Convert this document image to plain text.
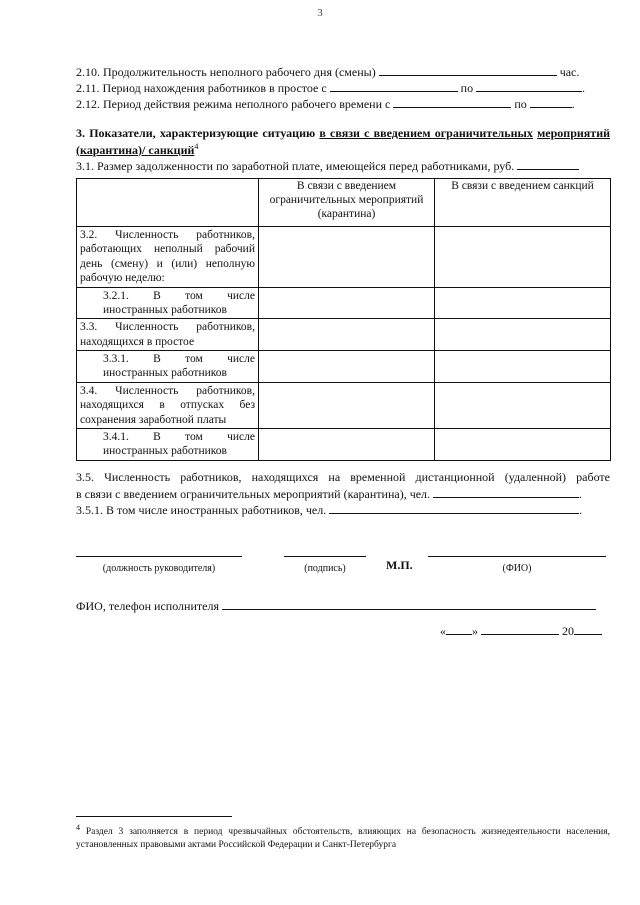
3
2.10. Продолжительность неполного рабочего дня (смены)	час.
2.11. Период нахождения работников в простое с	по	.
2.12. Период действия режима неполного рабочего времени с	по	.
3. Показатели, характеризующие ситуацию в связи с введением ограничительных мероприятий (карантина)/ санкций$^4$
3.1. Размер задолженности по заработной плате, имеющейся перед работниками, руб.
	В связи с введением ограничительных мероприятий (карантина)	В связи с введением санкций
3.2. Численность работников, работающих неполный рабочий день (смену) и (или) неполную рабочую неделю:		
3.2.1. В том числе иностранных работников		
3.3. Численность работников, находящихся в простое		
3.3.1. В том числе иностранных работников		
3.4. Численность работников, находящихся в отпусках без сохранения заработной платы		
3.4.1. В том числе иностранных работников		
3.5. Численность работников, находящихся на временной дистанционной (удаленной) работе
в связи с введением ограничительных мероприятий (карантина), чел.	.
3.5.1. В том числе иностранных работников, чел.	.
(должность руководителя)	(подпись)	М.П.	(ФИО)
ФИО, телефон исполнителя
« »	20
$^4$ Раздел 3 заполняется в период чрезвычайных обстоятельств, влияющих на безопасность жизнедеятельности населения, установленных правовыми актами Российской Федерации и Санкт-Петербурга
